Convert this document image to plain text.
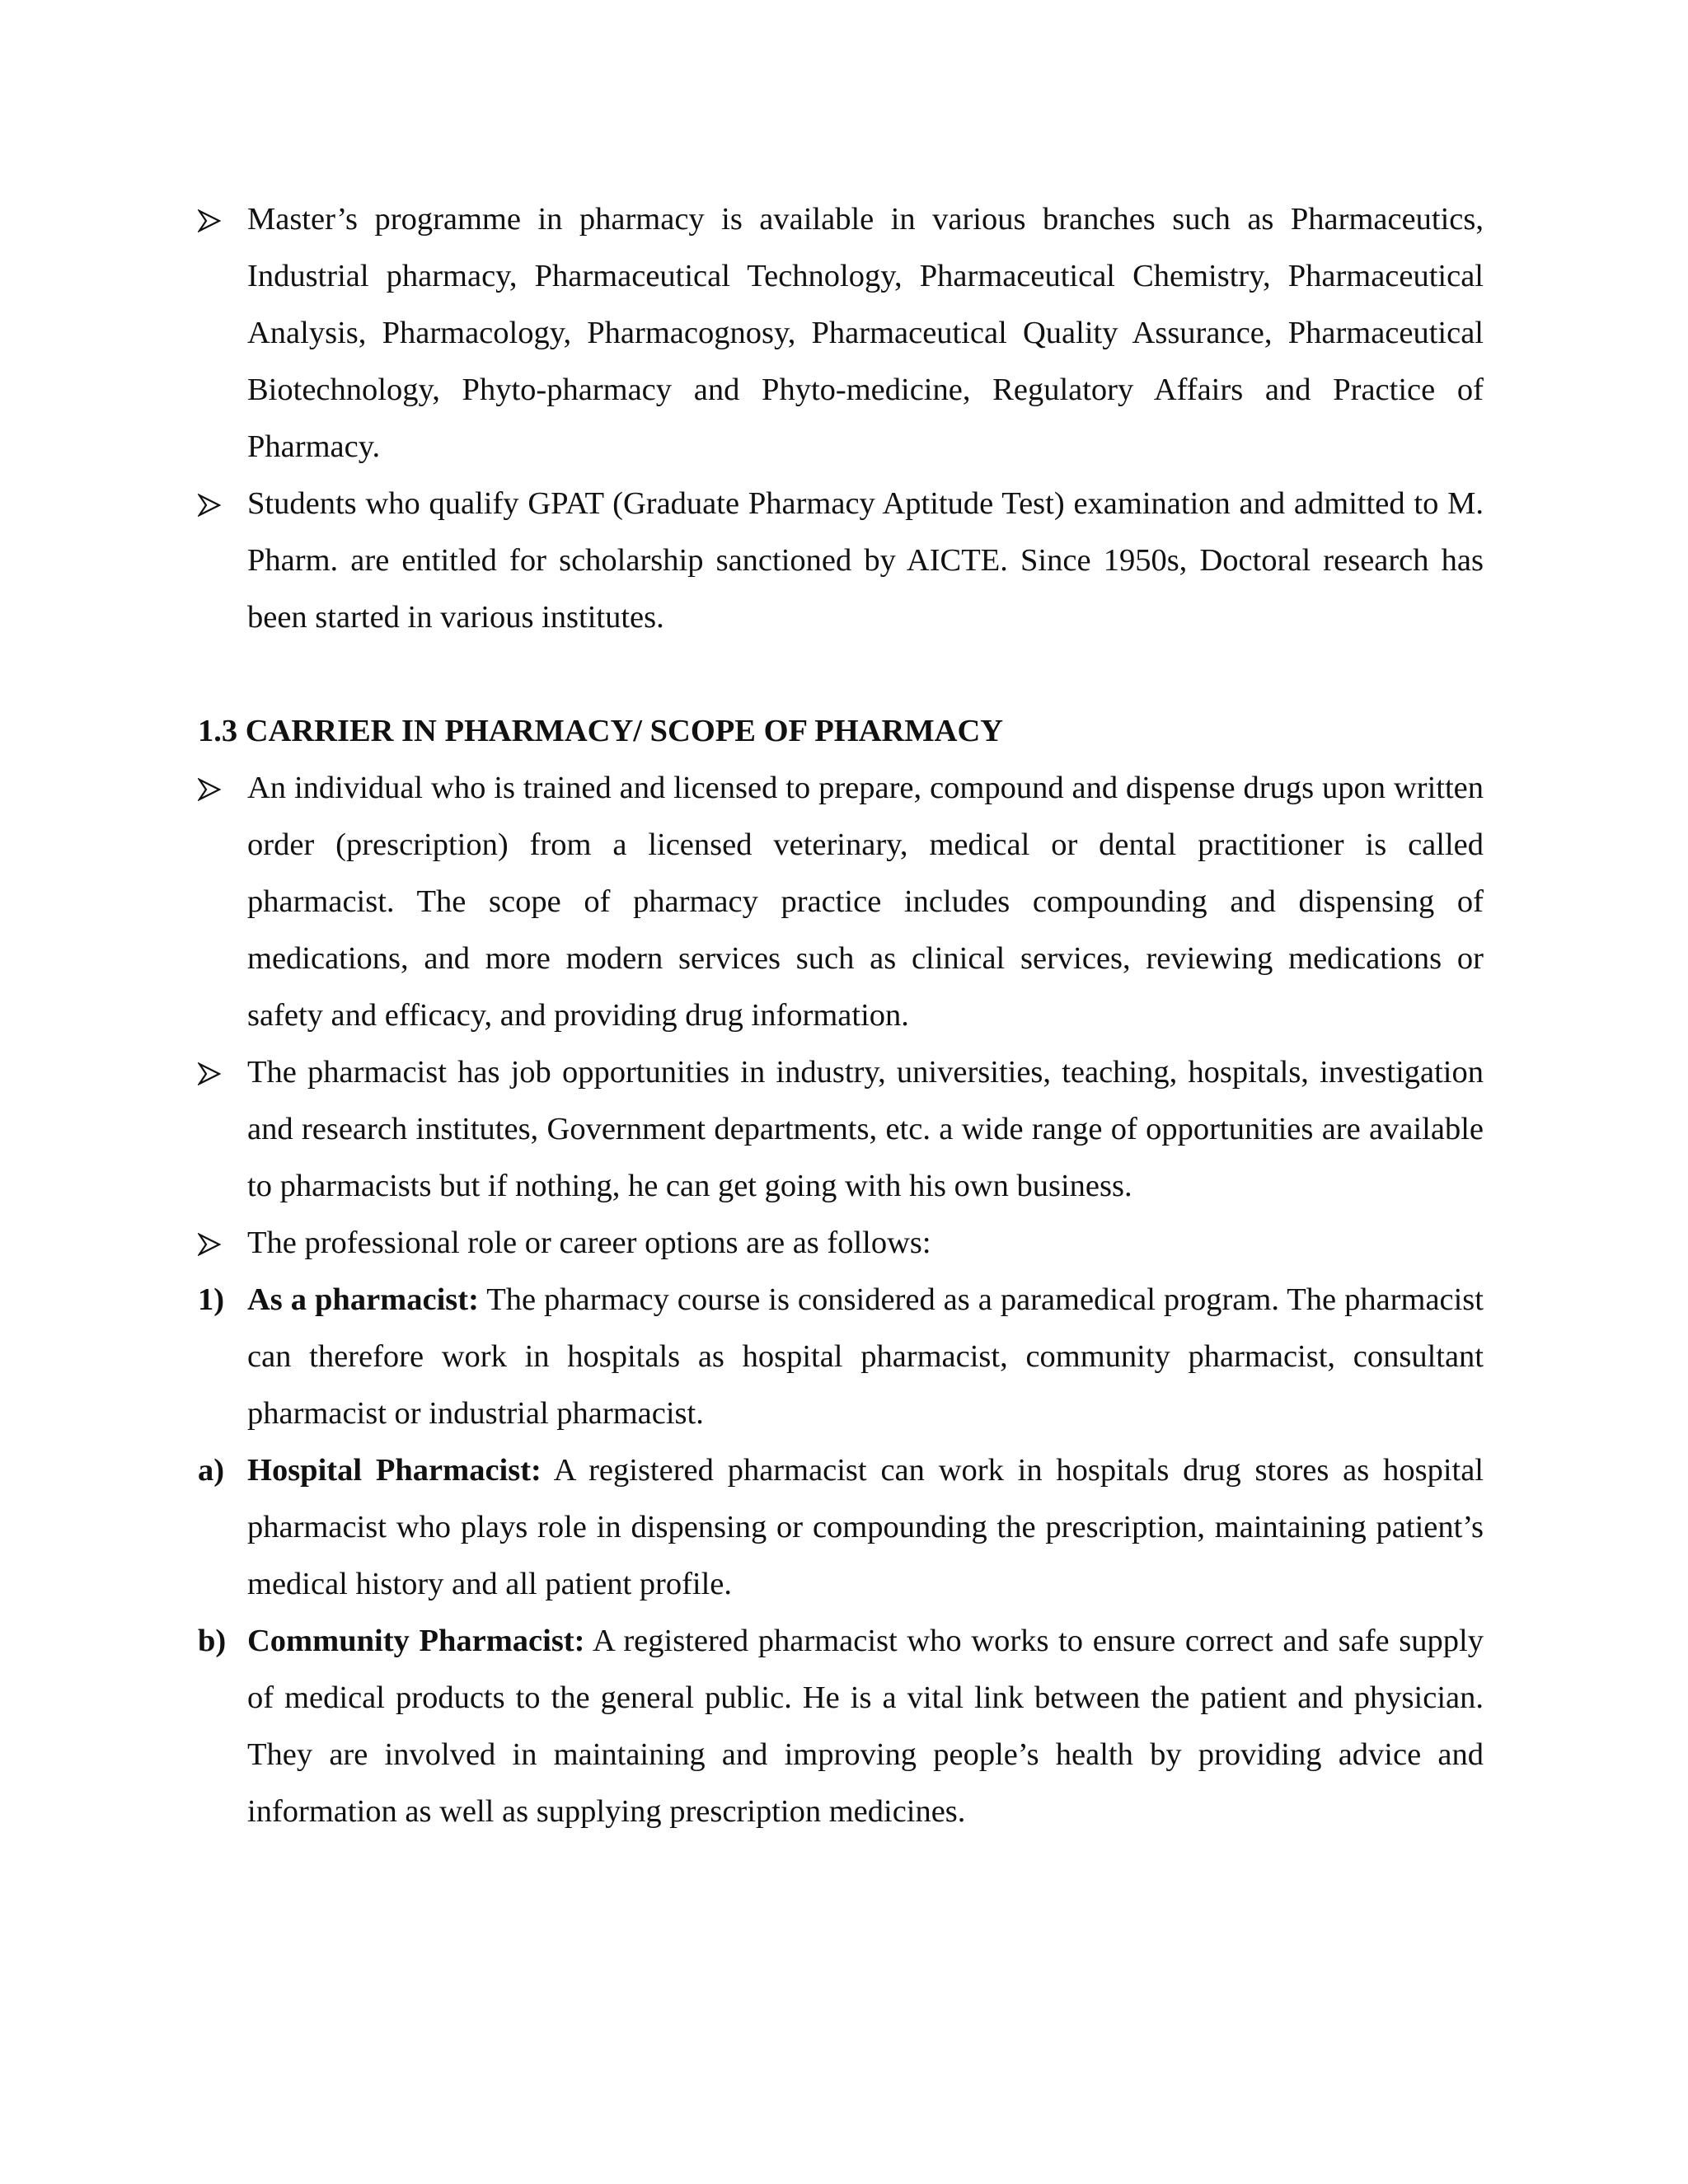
Master’s programme in pharmacy is available in various branches such as Pharmaceutics, Industrial pharmacy, Pharmaceutical Technology, Pharmaceutical Chemistry, Pharmaceutical Analysis, Pharmacology, Pharmacognosy, Pharmaceutical Quality Assurance, Pharmaceutical Biotechnology, Phyto-pharmacy and Phyto-medicine, Regulatory Affairs and Practice of Pharmacy.
Students who qualify GPAT (Graduate Pharmacy Aptitude Test) examination and admitted to M. Pharm. are entitled for scholarship sanctioned by AICTE. Since 1950s, Doctoral research has been started in various institutes.
1.3 CARRIER IN PHARMACY/ SCOPE OF PHARMACY
An individual who is trained and licensed to prepare, compound and dispense drugs upon written order (prescription) from a licensed veterinary, medical or dental practitioner is called pharmacist. The scope of pharmacy practice includes compounding and dispensing of medications, and more modern services such as clinical services, reviewing medications or safety and efficacy, and providing drug information.
The pharmacist has job opportunities in industry, universities, teaching, hospitals, investigation and research institutes, Government departments, etc. a wide range of opportunities are available to pharmacists but if nothing, he can get going with his own business.
The professional role or career options are as follows:
1) As a pharmacist: The pharmacy course is considered as a paramedical program. The pharmacist can therefore work in hospitals as hospital pharmacist, community pharmacist, consultant pharmacist or industrial pharmacist.
a) Hospital Pharmacist: A registered pharmacist can work in hospitals drug stores as hospital pharmacist who plays role in dispensing or compounding the prescription, maintaining patient’s medical history and all patient profile.
b) Community Pharmacist: A registered pharmacist who works to ensure correct and safe supply of medical products to the general public. He is a vital link between the patient and physician. They are involved in maintaining and improving people’s health by providing advice and information as well as supplying prescription medicines.
